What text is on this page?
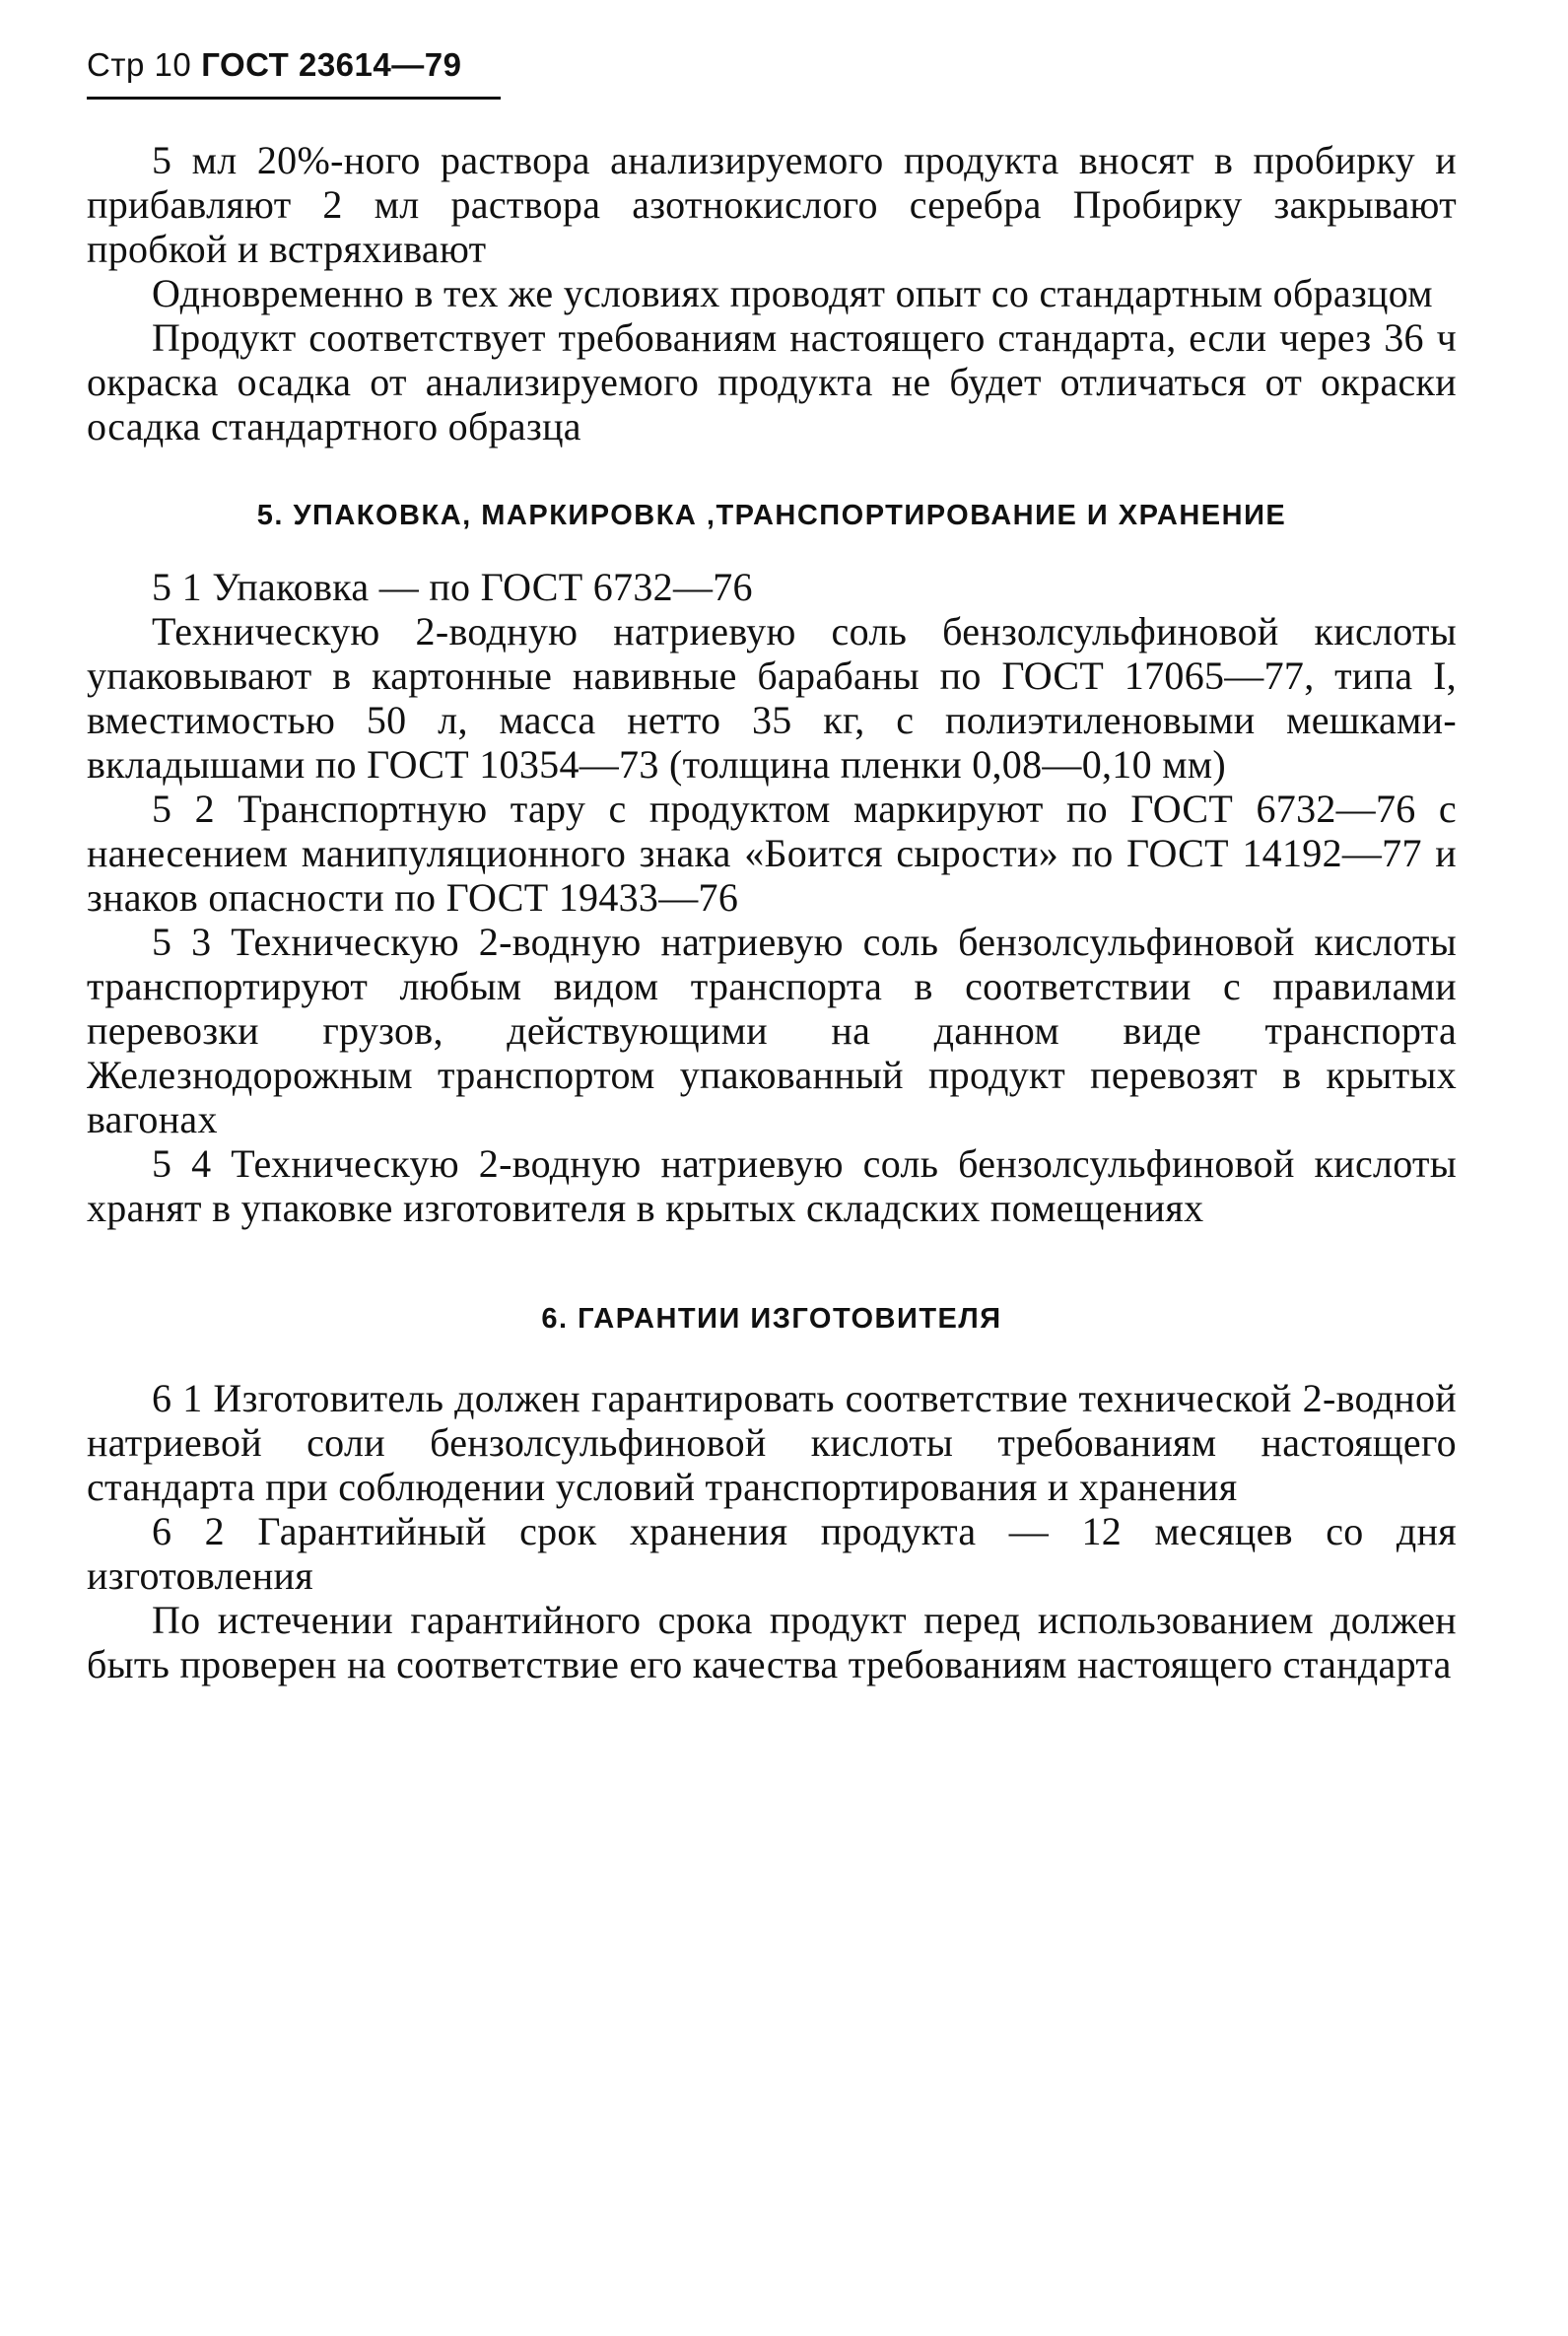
Стр 10 ГОСТ 23614—79

5 мл 20%-ного раствора анализируемого продукта вносят в пробирку и прибавляют 2 мл раствора азотнокислого серебра Пробирку закрывают пробкой и встряхивают

Одновременно в тех же условиях проводят опыт со стандартным образцом

Продукт соответствует требованиям настоящего стандарта, если через 36 ч окраска осадка от анализируемого продукта не будет отличаться от окраски осадка стандартного образца

5. УПАКОВКА, МАРКИРОВКА ,ТРАНСПОРТИРОВАНИЕ И ХРАНЕНИЕ

5 1 Упаковка — по ГОСТ 6732—76

Техническую 2-водную натриевую соль бензолсульфиновой кислоты упаковывают в картонные навивные барабаны по ГОСТ 17065—77, типа I, вместимостью 50 л, масса нетто 35 кг, с полиэтиленовыми мешками-вкладышами по ГОСТ 10354—73 (толщина пленки 0,08—0,10 мм)

5 2 Транспортную тару с продуктом маркируют по ГОСТ 6732—76 с нанесением манипуляционного знака «Боится сырости» по ГОСТ 14192—77 и знаков опасности по ГОСТ 19433—76

5 3 Техническую 2-водную натриевую соль бензолсульфиновой кислоты транспортируют любым видом транспорта в соответствии с правилами перевозки грузов, действующими на данном виде транспорта Железнодорожным транспортом упакованный продукт перевозят в крытых вагонах

5 4 Техническую 2-водную натриевую соль бензолсульфиновой кислоты хранят в упаковке изготовителя в крытых складских помещениях

6. ГАРАНТИИ ИЗГОТОВИТЕЛЯ

6 1 Изготовитель должен гарантировать соответствие технической 2-водной натриевой соли бензолсульфиновой кислоты требованиям настоящего стандарта при соблюдении условий транспортирования и хранения

6 2 Гарантийный срок хранения продукта — 12 месяцев со дня изготовления

По истечении гарантийного срока продукт перед использованием должен быть проверен на соответствие его качества требованиям настоящего стандарта
